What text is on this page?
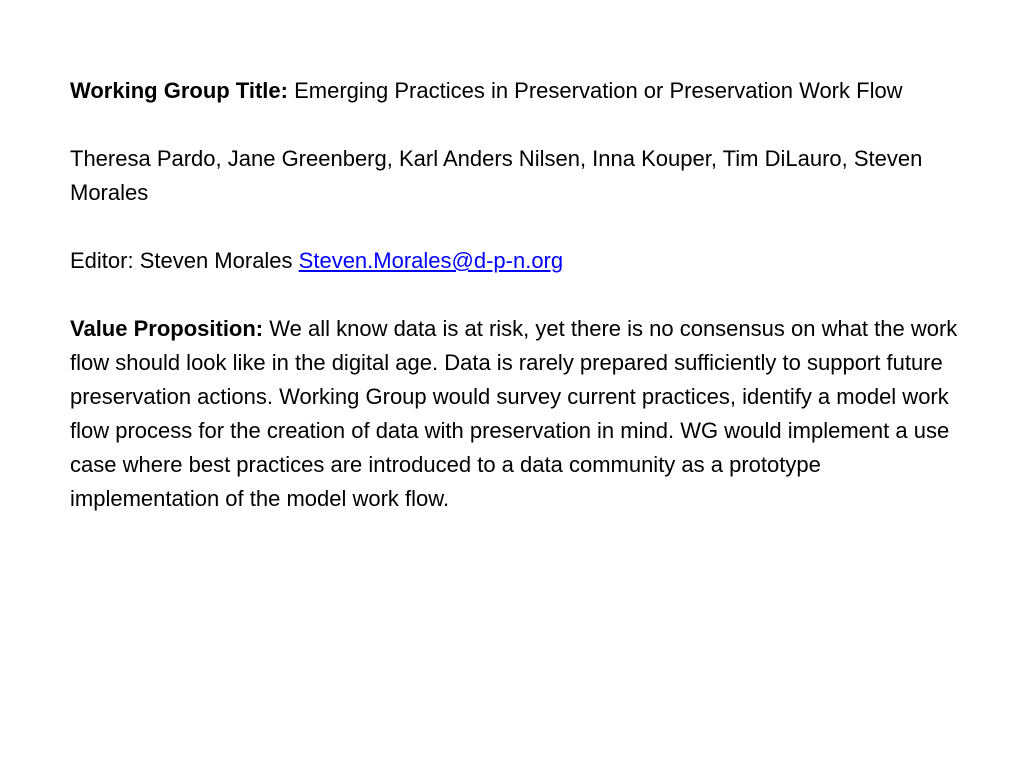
Working Group Title: Emerging Practices in Preservation or Preservation Work Flow

Theresa Pardo, Jane Greenberg, Karl Anders Nilsen, Inna Kouper, Tim DiLauro, Steven Morales

Editor: Steven Morales Steven.Morales@d-p-n.org

Value Proposition: We all know data is at risk, yet there is no consensus on what the work flow should look like in the digital age. Data is rarely prepared sufficiently to support future preservation actions. Working Group would survey current practices, identify a model work flow process for the creation of data with preservation in mind. WG would implement a use case where best practices are introduced to a data community as a prototype implementation of the model work flow.
